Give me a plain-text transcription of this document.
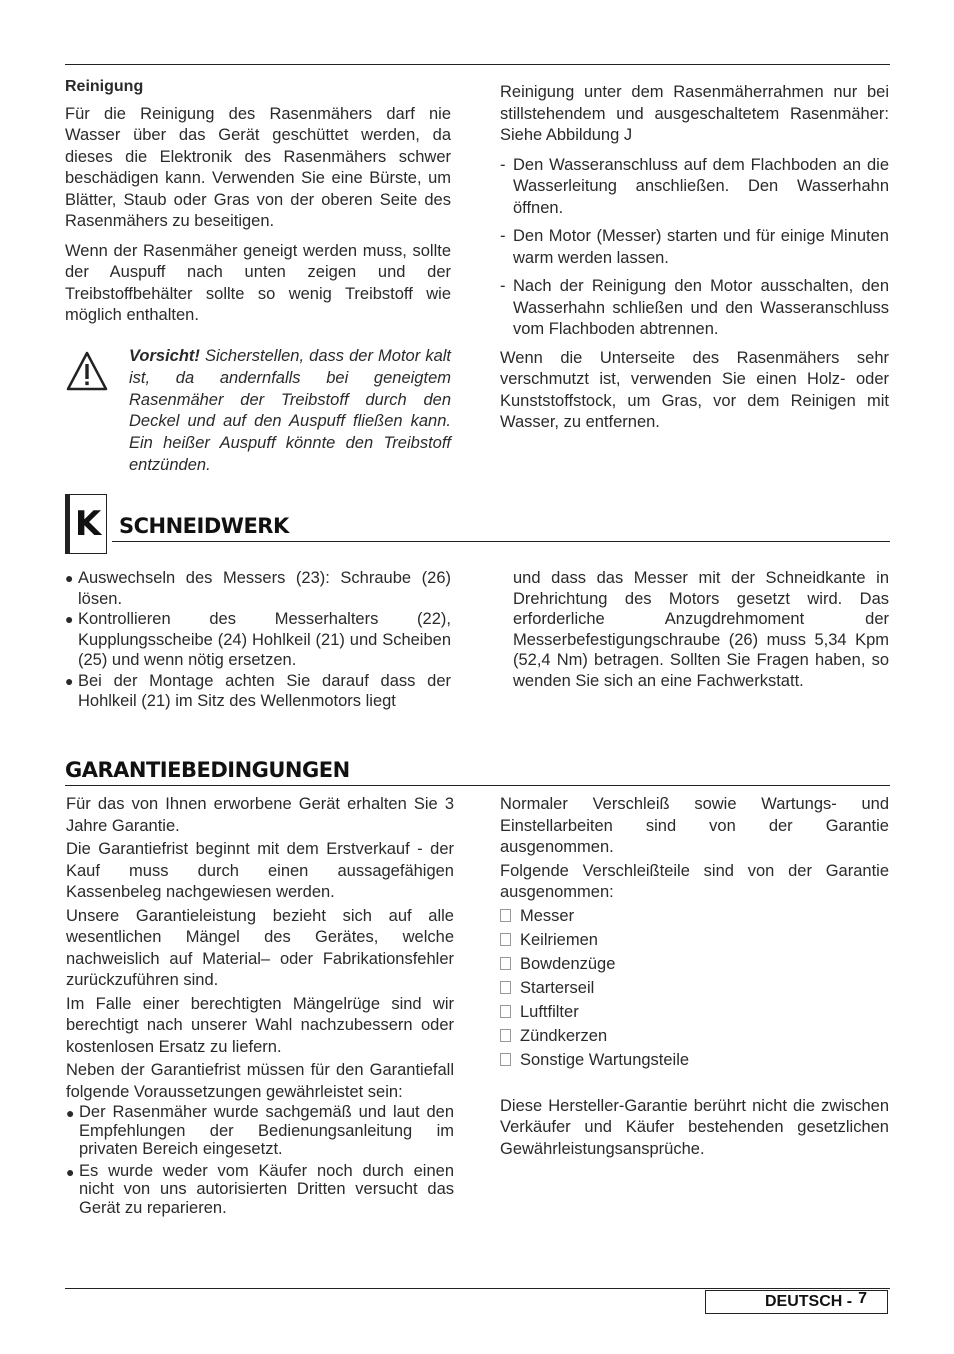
Reinigung

Für die Reinigung des Rasenmähers darf nie Wasser über das Gerät geschüttet werden, da dieses die Elektronik des Rasenmähers schwer beschädigen kann. Verwenden Sie eine Bürste, um Blätter, Staub oder Gras von der oberen Seite des Rasenmähers zu beseitigen.

Wenn der Rasenmäher geneigt werden muss, sollte der Auspuff nach unten zeigen und der Treibstoffbehälter sollte so wenig Treibstoff wie möglich enthalten.

Vorsicht! Sicherstellen, dass der Motor kalt ist, da andernfalls bei geneigtem Rasenmäher der Treibstoff durch den Deckel und auf den Auspuff fließen kann. Ein heißer Auspuff könnte den Treibstoff entzünden.

Reinigung unter dem Rasenmäherrahmen nur bei stillstehendem und ausgeschaltetem Rasenmäher: Siehe Abbildung J

- Den Wasseranschluss auf dem Flachboden an die Wasserleitung anschließen. Den Wasserhahn öffnen.
- Den Motor (Messer) starten und für einige Minuten warm werden lassen.
- Nach der Reinigung den Motor ausschalten, den Wasserhahn schließen und den Wasseranschluss vom Flachboden abtrennen.

Wenn die Unterseite des Rasenmähers sehr verschmutzt ist, verwenden Sie einen Holz- oder Kunststoffstock, um Gras, vor dem Reinigen mit Wasser, zu entfernen.

K SCHNEIDWERK
● Auswechseln des Messers (23): Schraube (26) lösen.
● Kontrollieren des Messerhalters (22), Kupplungsscheibe (24) Hohlkeil (21) und Scheiben (25) und wenn nötig ersetzen.
● Bei der Montage achten Sie darauf dass der Hohlkeil (21) im Sitz des Wellenmotors liegt

und dass das Messer mit der Schneidkante in Drehrichtung des Motors gesetzt wird. Das erforderliche Anzugdrehmoment der Messerbefestigungschraube (26) muss 5,34 Kpm (52,4 Nm) betragen. Sollten Sie Fragen haben, so wenden Sie sich an eine Fachwerkstatt.

GARANTIEBEDINGUNGEN

Für das von Ihnen erworbene Gerät erhalten Sie 3 Jahre Garantie.

Die Garantiefrist beginnt mit dem Erstverkauf - der Kauf muss durch einen aussagefähigen Kassenbeleg nachgewiesen werden.

Unsere Garantieleistung bezieht sich auf alle wesentlichen Mängel des Gerätes, welche nachweislich auf Material– oder Fabrikationsfehler zurückzuführen sind.

Im Falle einer berechtigten Mängelrüge sind wir berechtigt nach unserer Wahl nachzubessern oder kostenlosen Ersatz zu liefern.

Neben der Garantiefrist müssen für den Garantiefall folgende Voraussetzungen gewährleistet sein:

● Der Rasenmäher wurde sachgemäß und laut den Empfehlungen der Bedienungsanleitung im privaten Bereich eingesetzt.
● Es wurde weder vom Käufer noch durch einen nicht von uns autorisierten Dritten versucht das Gerät zu reparieren.

Normaler Verschleiß sowie Wartungs- und Einstellarbeiten sind von der Garantie ausgenommen.

Folgende Verschleißteile sind von der Garantie ausgenommen:

Messer
Keilriemen
Bowdenzüge
Starterseil
Luftfilter
Zündkerzen
Sonstige Wartungsteile

Diese Hersteller-Garantie berührt nicht die zwischen Verkäufer und Käufer bestehenden gesetzlichen Gewährleistungsansprüche.

DEUTSCH - 7
